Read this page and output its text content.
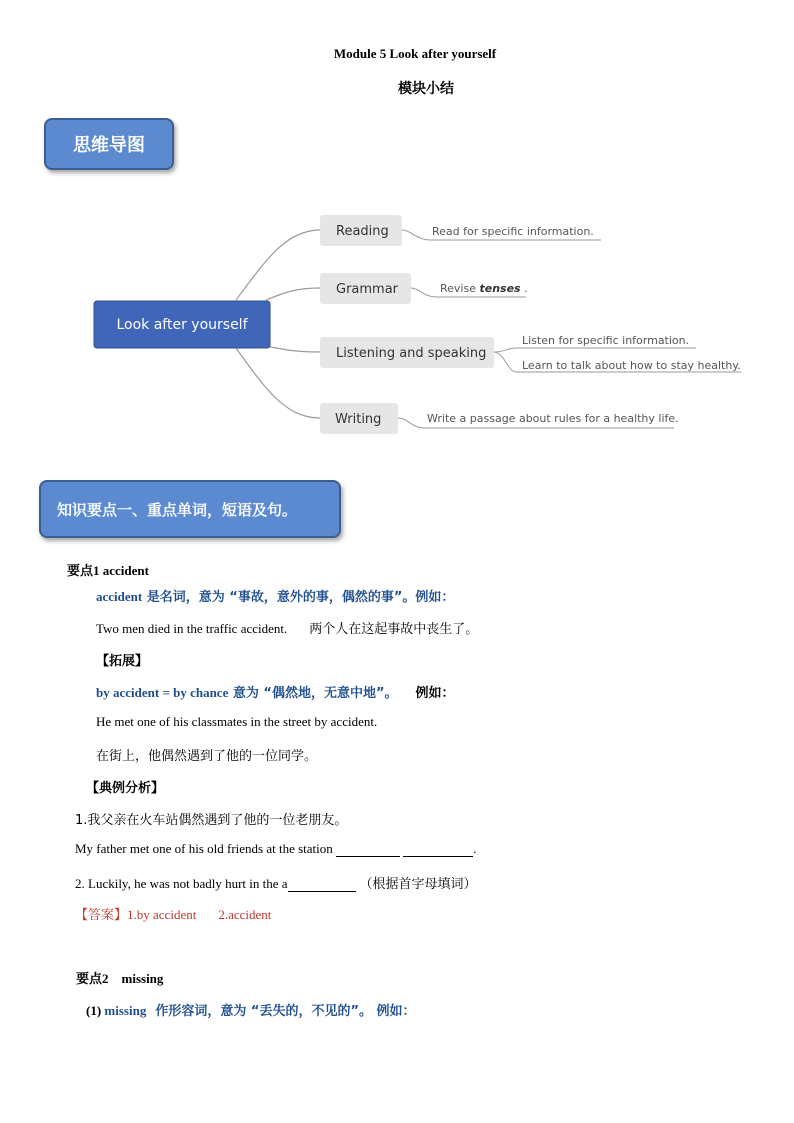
Module 5 Look after yourself
模块小结
思维导图
Look after yourself
Reading	Read for specific information.
Grammar	Revise tenses .
Listening and speaking
Listen for specific information.
Learn to talk about how to stay healthy.
Writing	Write a passage about rules for a healthy life.
知识要点一、重点单词，短语及句。
要点1 accident
accident 是名词，意为 “事故，意外的事，偶然的事”。例如：
Two men died in the traffic accident. 两个人在这起事故中丧生了。
【拓展】
by accident = by chance 意为 “偶然地，无意中地”。 例如：
He met one of his classmates in the street by accident.
在街上，他偶然遇到了他的一位同学。
【典例分析】
1.我父亲在火车站偶然遇到了他的一位老朋友。
My father met one of his old friends at the station	.
2. Luckily, he was not badly hurt in the a	（根据首字母填词）
【答案】1.by accident 2.accident
要点2    missing
(1) missing  作形容词，意为 “丢失的，不见的”。 例如：
